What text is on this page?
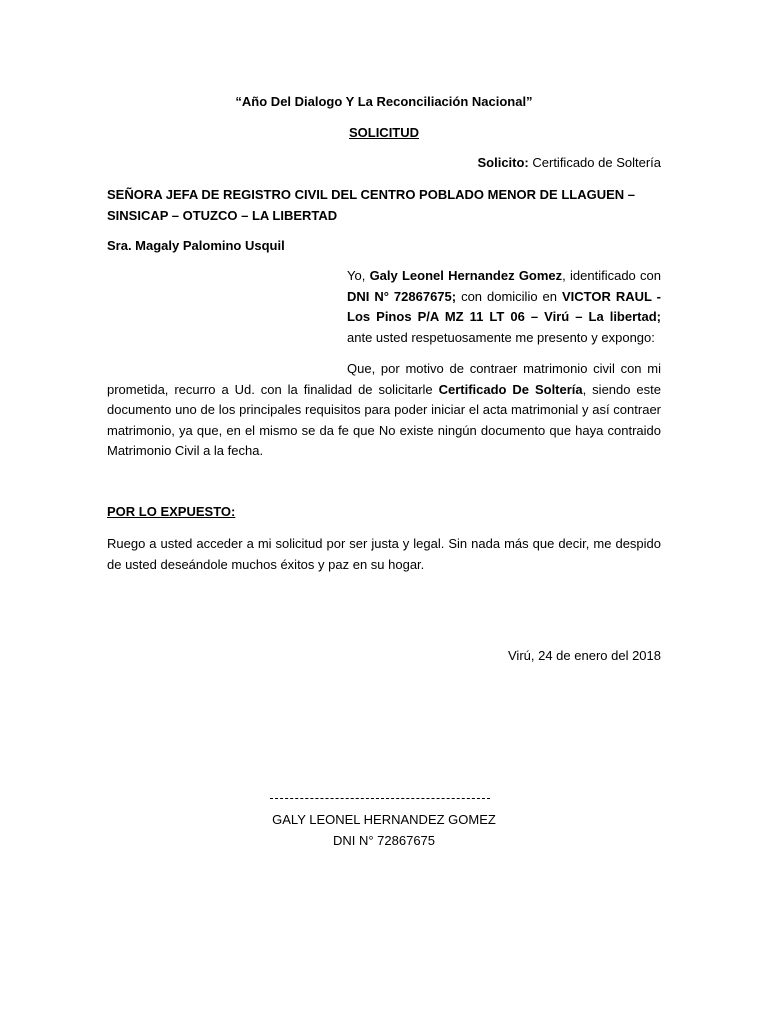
“Año Del Dialogo Y La Reconciliación Nacional”
SOLICITUD
Solicito: Certificado de Soltería
SEÑORA JEFA DE REGISTRO CIVIL DEL CENTRO POBLADO MENOR DE LLAGUEN – SINSICAP – OTUZCO – LA LIBERTAD
Sra. Magaly Palomino Usquil
Yo, Galy Leonel Hernandez Gomez, identificado con DNI N° 72867675; con domicilio en VICTOR RAUL - Los Pinos P/A MZ 11 LT 06 – Virú – La libertad; ante usted respetuosamente me presento y expongo:
Que, por motivo de contraer matrimonio civil con mi prometida, recurro a Ud. con la finalidad de solicitarle Certificado De Soltería, siendo este documento uno de los principales requisitos para poder iniciar el acta matrimonial y así contraer matrimonio, ya que, en el mismo se da fe que No existe ningún documento que haya contraido Matrimonio Civil a la fecha.
POR LO EXPUESTO:
Ruego a usted acceder a mi solicitud por ser justa y legal. Sin nada más que decir, me despido de usted deseándole muchos éxitos y paz en su hogar.
Virú, 24 de enero del 2018
GALY LEONEL HERNANDEZ GOMEZ
DNI N° 72867675
